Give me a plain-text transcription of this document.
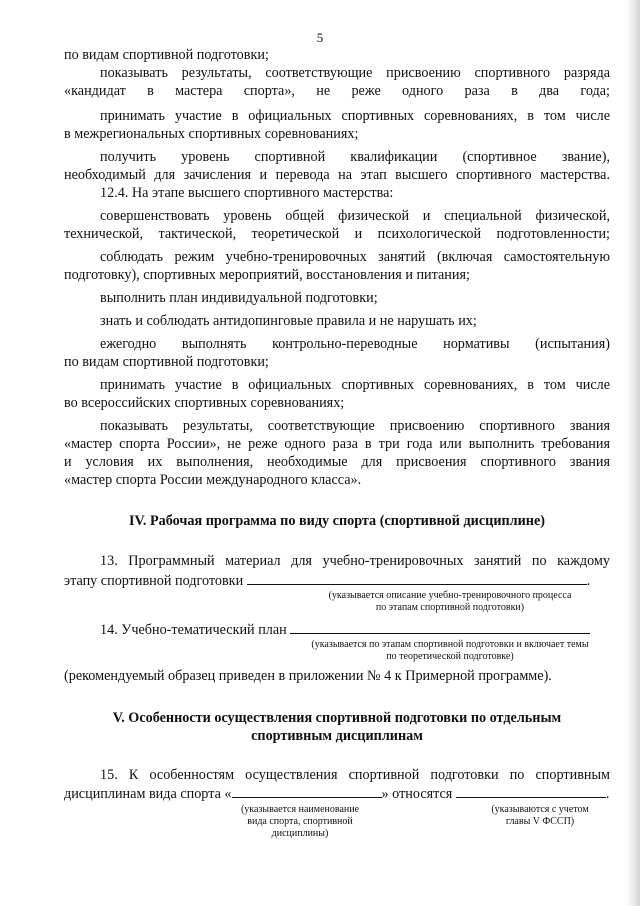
5
по видам спортивной подготовки;
показывать результаты, соответствующие присвоению спортивного разряда
«кандидат в мастера спорта», не реже одного раза в два года;
принимать участие в официальных спортивных соревнованиях, в том числе
в межрегиональных спортивных соревнованиях;
получить уровень спортивной квалификации (спортивное звание),
необходимый для зачисления и перевода на этап высшего спортивного мастерства.
12.4. На этапе высшего спортивного мастерства:
совершенствовать уровень общей физической и специальной физической,
технической, тактической, теоретической и психологической подготовленности;
соблюдать режим учебно-тренировочных занятий (включая самостоятельную
подготовку), спортивных мероприятий, восстановления и питания;
выполнить план индивидуальной подготовки;
знать и соблюдать антидопинговые правила и не нарушать их;
ежегодно выполнять контрольно-переводные нормативы (испытания)
по видам спортивной подготовки;
принимать участие в официальных спортивных соревнованиях, в том числе
во всероссийских спортивных соревнованиях;
показывать результаты, соответствующие присвоению спортивного звания
«мастер спорта России», не реже одного раза в три года или выполнить требования
и условия их выполнения, необходимые для присвоения спортивного звания
«мастер спорта России международного класса».
IV. Рабочая программа по виду спорта (спортивной дисциплине)
13. Программный материал для учебно-тренировочных занятий по каждому
этапу спортивной подготовки	.
(указывается описание учебно-тренировочного процесса
по этапам спортивной подготовки)
14. Учебно-тематический план
(указывается по этапам спортивной подготовки и включает темы
по теоретической подготовке)
(рекомендуемый образец приведен в приложении № 4 к Примерной программе).
V. Особенности осуществления спортивной подготовки по отдельным
спортивным дисциплинам
15. К особенностям осуществления спортивной подготовки по спортивным
дисциплинам вида спорта «	» относятся	.
(указывается наименование
вида спорта, спортивной
дисциплины)
(указываются с учетом
главы V ФССП)
